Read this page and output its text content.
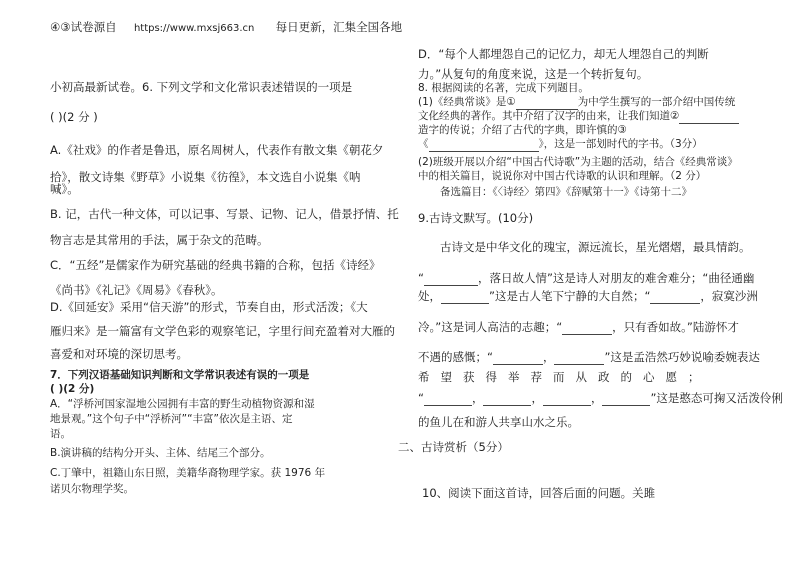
④③试卷源自 https://www.mxsj663.cn 每日更新，汇集全国各地
小初高最新试卷。6. 下列文学和文化常识表述错误的一项是
( )(2 分 )
A.《社戏》的作者是鲁迅，原名周树人，代表作有散文集《朝花夕
拾》，散文诗集《野草》小说集《彷徨》，本文选自小说集《呐
喊》。
B. 记，古代一种文体，可以记事、写景、记物、记人，借景抒情、托
物言志是其常用的手法，属于杂文的范畴。
C．“五经”是儒家作为研究基础的经典书籍的合称，包括《诗经》
《尚书》《礼记》《周易》《春秋》。
D.《回延安》采用“信天游”的形式，节奏自由，形式活泼；《大
雁归来》是一篇富有文学色彩的观察笔记，字里行间充盈着对大雁的
喜爱和对环境的深切思考。
7．下列汉语基础知识判断和文学常识表述有误的一项是
( )(2 分)
A．“浮桥河国家湿地公园拥有丰富的野生动植物资源和湿
地景观。”这个句子中“浮桥河”“丰富”依次是主语、定
语。
B.演讲稿的结构分开头、主体、结尾三个部分。
C.丁肇中，祖籍山东日照，美籍华裔物理学家。获 1976 年
诺贝尔物理学奖。
D．“每个人都埋怨自己的记忆力，却无人埋怨自己的判断
力。”从复句的角度来说，这是一个转折复句。
8. 根据阅读的名著，完成下列题目。
(1)《经典常谈》是①	为中学生撰写的一部介绍中国传统
文化经典的著作。其中介绍了汉字的由来，让我们知道②
造字的传说；介绍了古代的字典，即许慎的③
《	》，这是一部划时代的字书。（3分）
(2)班级开展以介绍“中国古代诗歌”为主题的活动，结合《经典常谈》
中的相关篇目，说说你对中国古代诗歌的认识和理解。（2 分）
备选篇目：《〈诗经〉第四》《辞赋第十一》《诗第十二》
9.古诗文默写。(10分)
古诗文是中华文化的瑰宝，源远流长，星光熠熠，最具情韵。
“	，落日故人情”这是诗人对朋友的难舍难分；“曲径通幽
处，	”这是古人笔下宁静的大自然；“	，寂寞沙洲
冷。”这是词人高洁的志趣；“	，只有香如故。”陆游怀才
不遇的感慨；“	，	”这是孟浩然巧妙说喻委婉表达
希望获得举荐而从政的心愿；
“	，	，	，	”这是憨态可掬又活泼伶俐
的鱼儿在和游人共享山水之乐。
二、古诗赏析（5分）
10、阅读下面这首诗，回答后面的问题。关雎
